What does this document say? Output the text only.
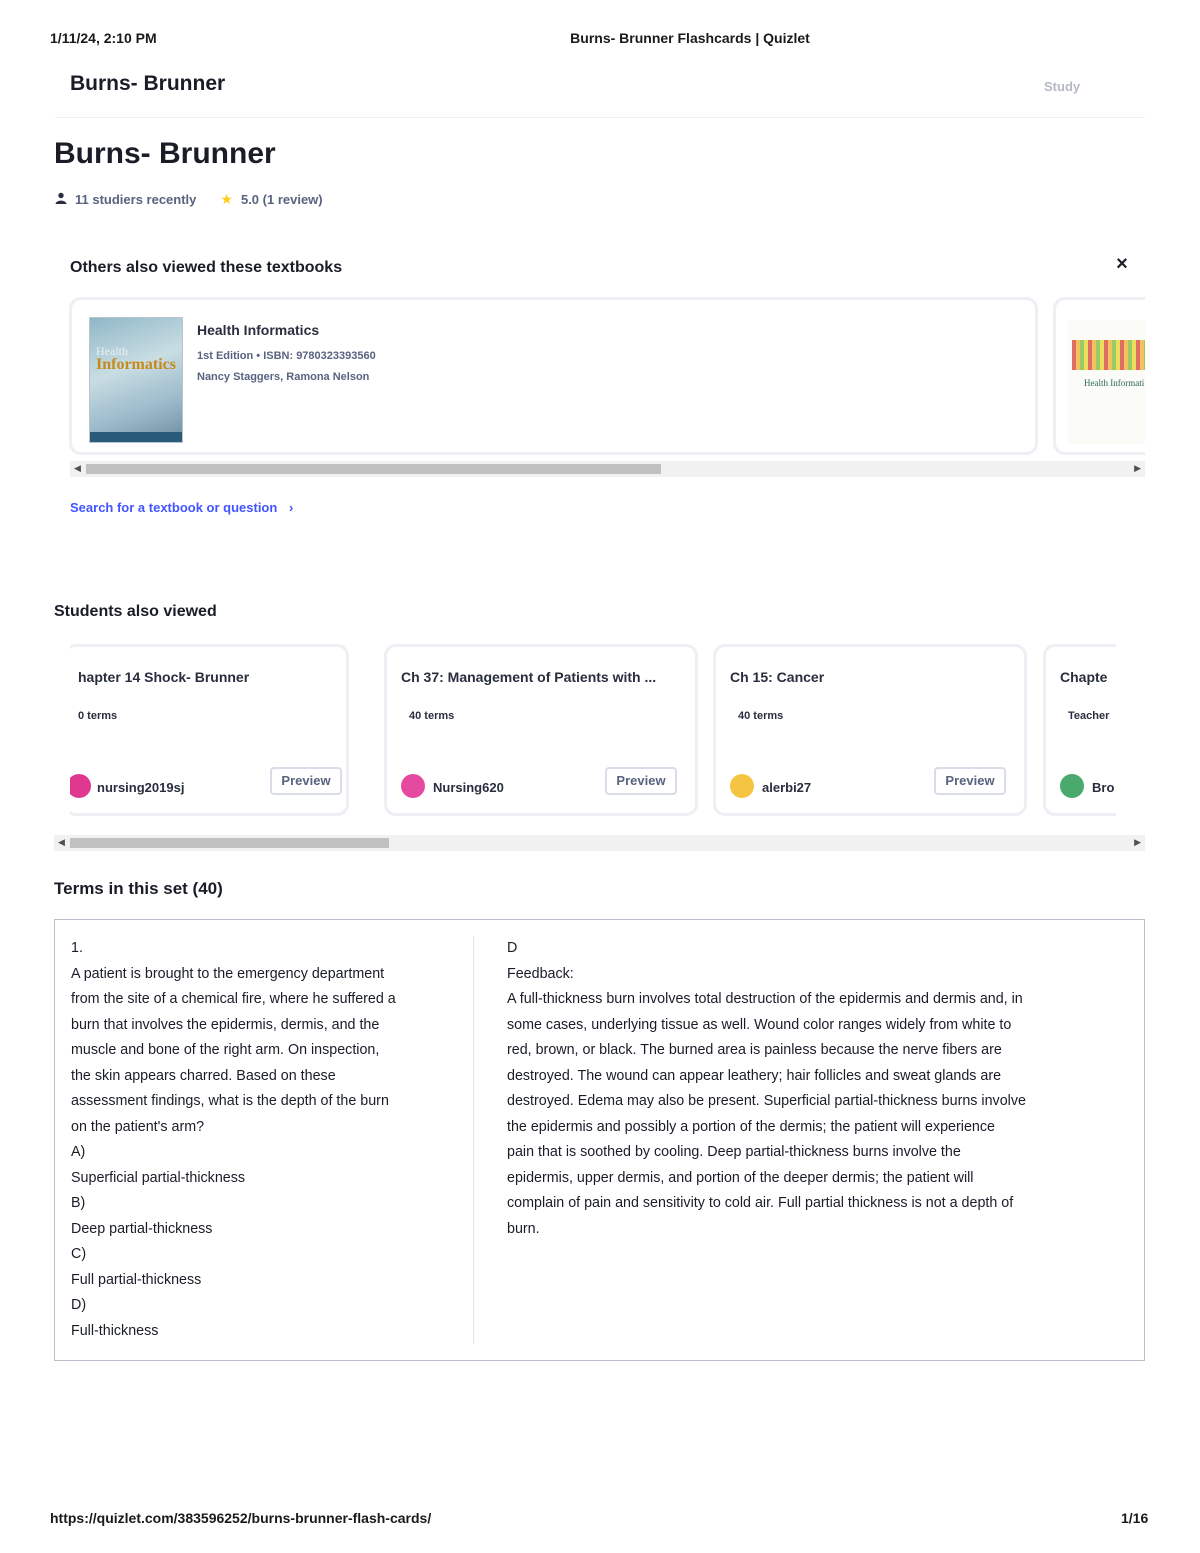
1/11/24, 2:10 PM	Burns- Brunner Flashcards | Quizlet
Burns- Brunner	Study
Burns- Brunner
11 studiers recently ★ 5.0 (1 review)
Others also viewed these textbooks	×
Health
Informatics
Health Informatics
1st Edition • ISBN: 9780323393560
Nancy Staggers, Ramona Nelson	Health Informati
◀	▶
Search for a textbook or question ›
Students also viewed
hapter 14 Shock- Brunner
0 terms
nursing2019sj	Preview
Ch 37: Management of Patients with ...
40 terms
Nursing620	Preview
Ch 15: Cancer
40 terms
alerbi27	Preview
Chapte
Teacher
Bro
◀	▶
Terms in this set (40)
1.
A patient is brought to the emergency department
from the site of a chemical fire, where he suffered a
burn that involves the epidermis, dermis, and the
muscle and bone of the right arm. On inspection,
the skin appears charred. Based on these
assessment findings, what is the depth of the burn
on the patient's arm?
A)
Superficial partial-thickness
B)
Deep partial-thickness
C)
Full partial-thickness
D)
Full-thickness
D
Feedback:
A full-thickness burn involves total destruction of the epidermis and dermis and, in
some cases, underlying tissue as well. Wound color ranges widely from white to
red, brown, or black. The burned area is painless because the nerve fibers are
destroyed. The wound can appear leathery; hair follicles and sweat glands are
destroyed. Edema may also be present. Superficial partial-thickness burns involve
the epidermis and possibly a portion of the dermis; the patient will experience
pain that is soothed by cooling. Deep partial-thickness burns involve the
epidermis, upper dermis, and portion of the deeper dermis; the patient will
complain of pain and sensitivity to cold air. Full partial thickness is not a depth of
burn.
https://quizlet.com/383596252/burns-brunner-flash-cards/	1/16
